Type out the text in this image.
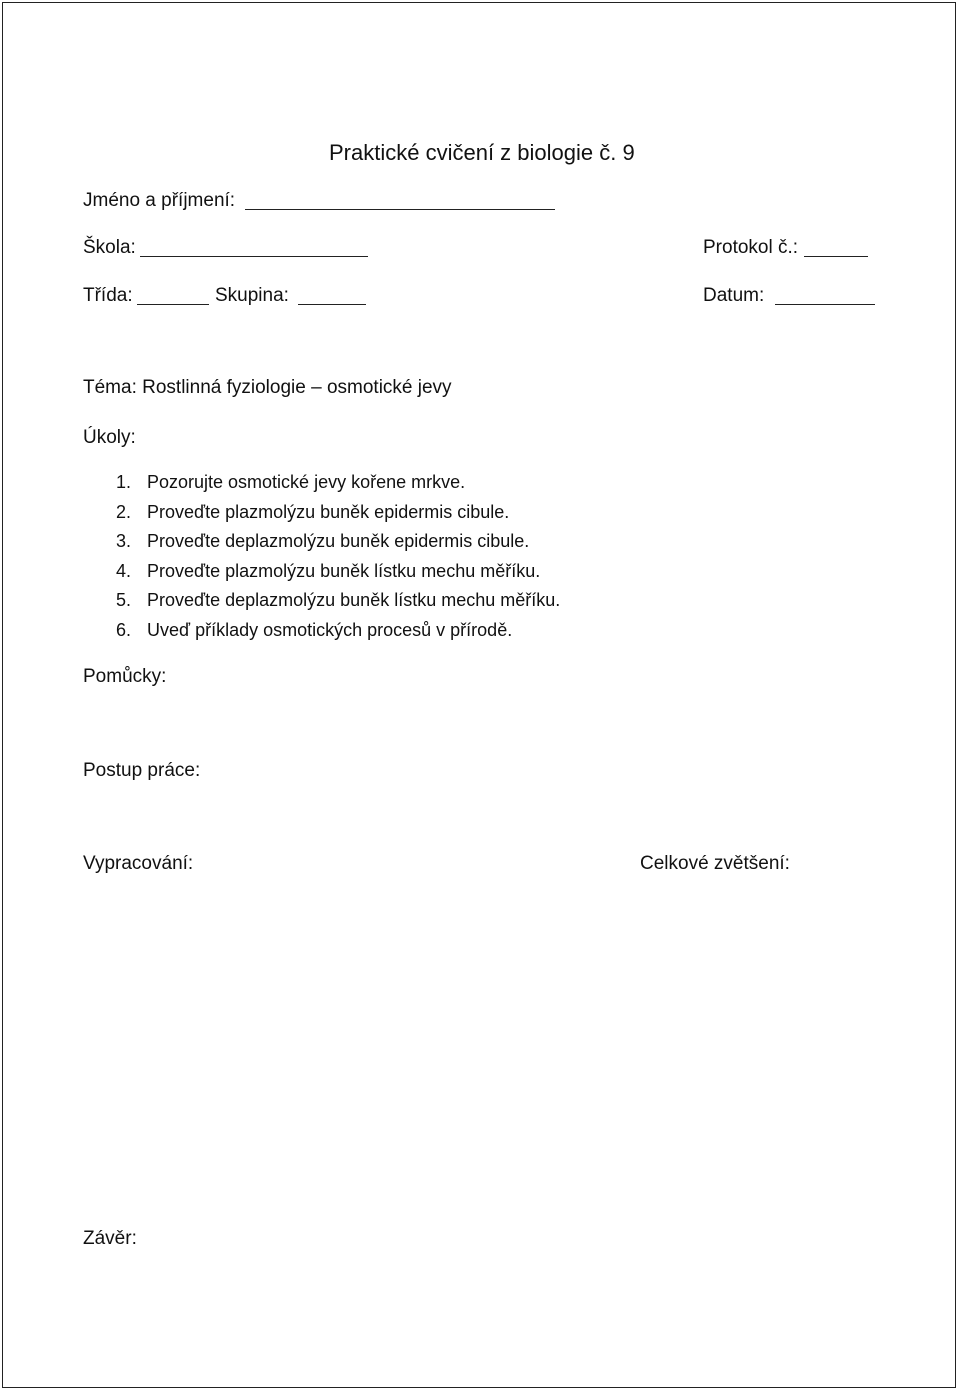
Praktické cvičení z biologie č. 9
Jméno a příjmení:
Škola:	Protokol č.:
Třída:	Skupina:	Datum:
Téma: Rostlinná fyziologie – osmotické jevy
Úkoly:
1. Pozorujte osmotické jevy kořene mrkve.
2. Proveďte plazmolýzu buněk epidermis cibule.
3. Proveďte deplazmolýzu buněk epidermis cibule.
4. Proveďte plazmolýzu buněk lístku mechu měříku.
5. Proveďte deplazmolýzu buněk lístku mechu měříku.
6. Uveď příklady osmotických procesů v přírodě.
Pomůcky:
Postup práce:
Vypracování:	Celkové zvětšení:
Závěr:
